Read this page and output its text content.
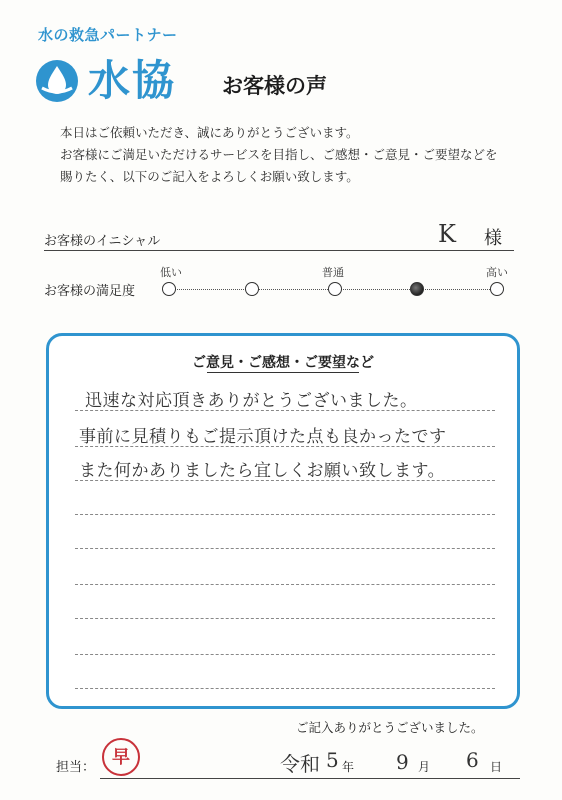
水の救急パートナー
水協 お客様の声
本日はご依頼いただき、誠にありがとうございます。
お客様にご満足いただけるサービスを目指し、ご感想・ご意見・ご要望などを
賜りたく、以下のご記入をよろしくお願い致します。
お客様のイニシャル	K 様
お客様の満足度
低い	普通	高い
ご意見・ご感想・ご要望など
迅速な対応頂きありがとうございました。
事前に見積りもご提示頂けた点も良かったです
また何かありましたら宜しくお願い致します。
ご記入ありがとうございました。
担当： 早	令和 5 年 9 月 6 日
